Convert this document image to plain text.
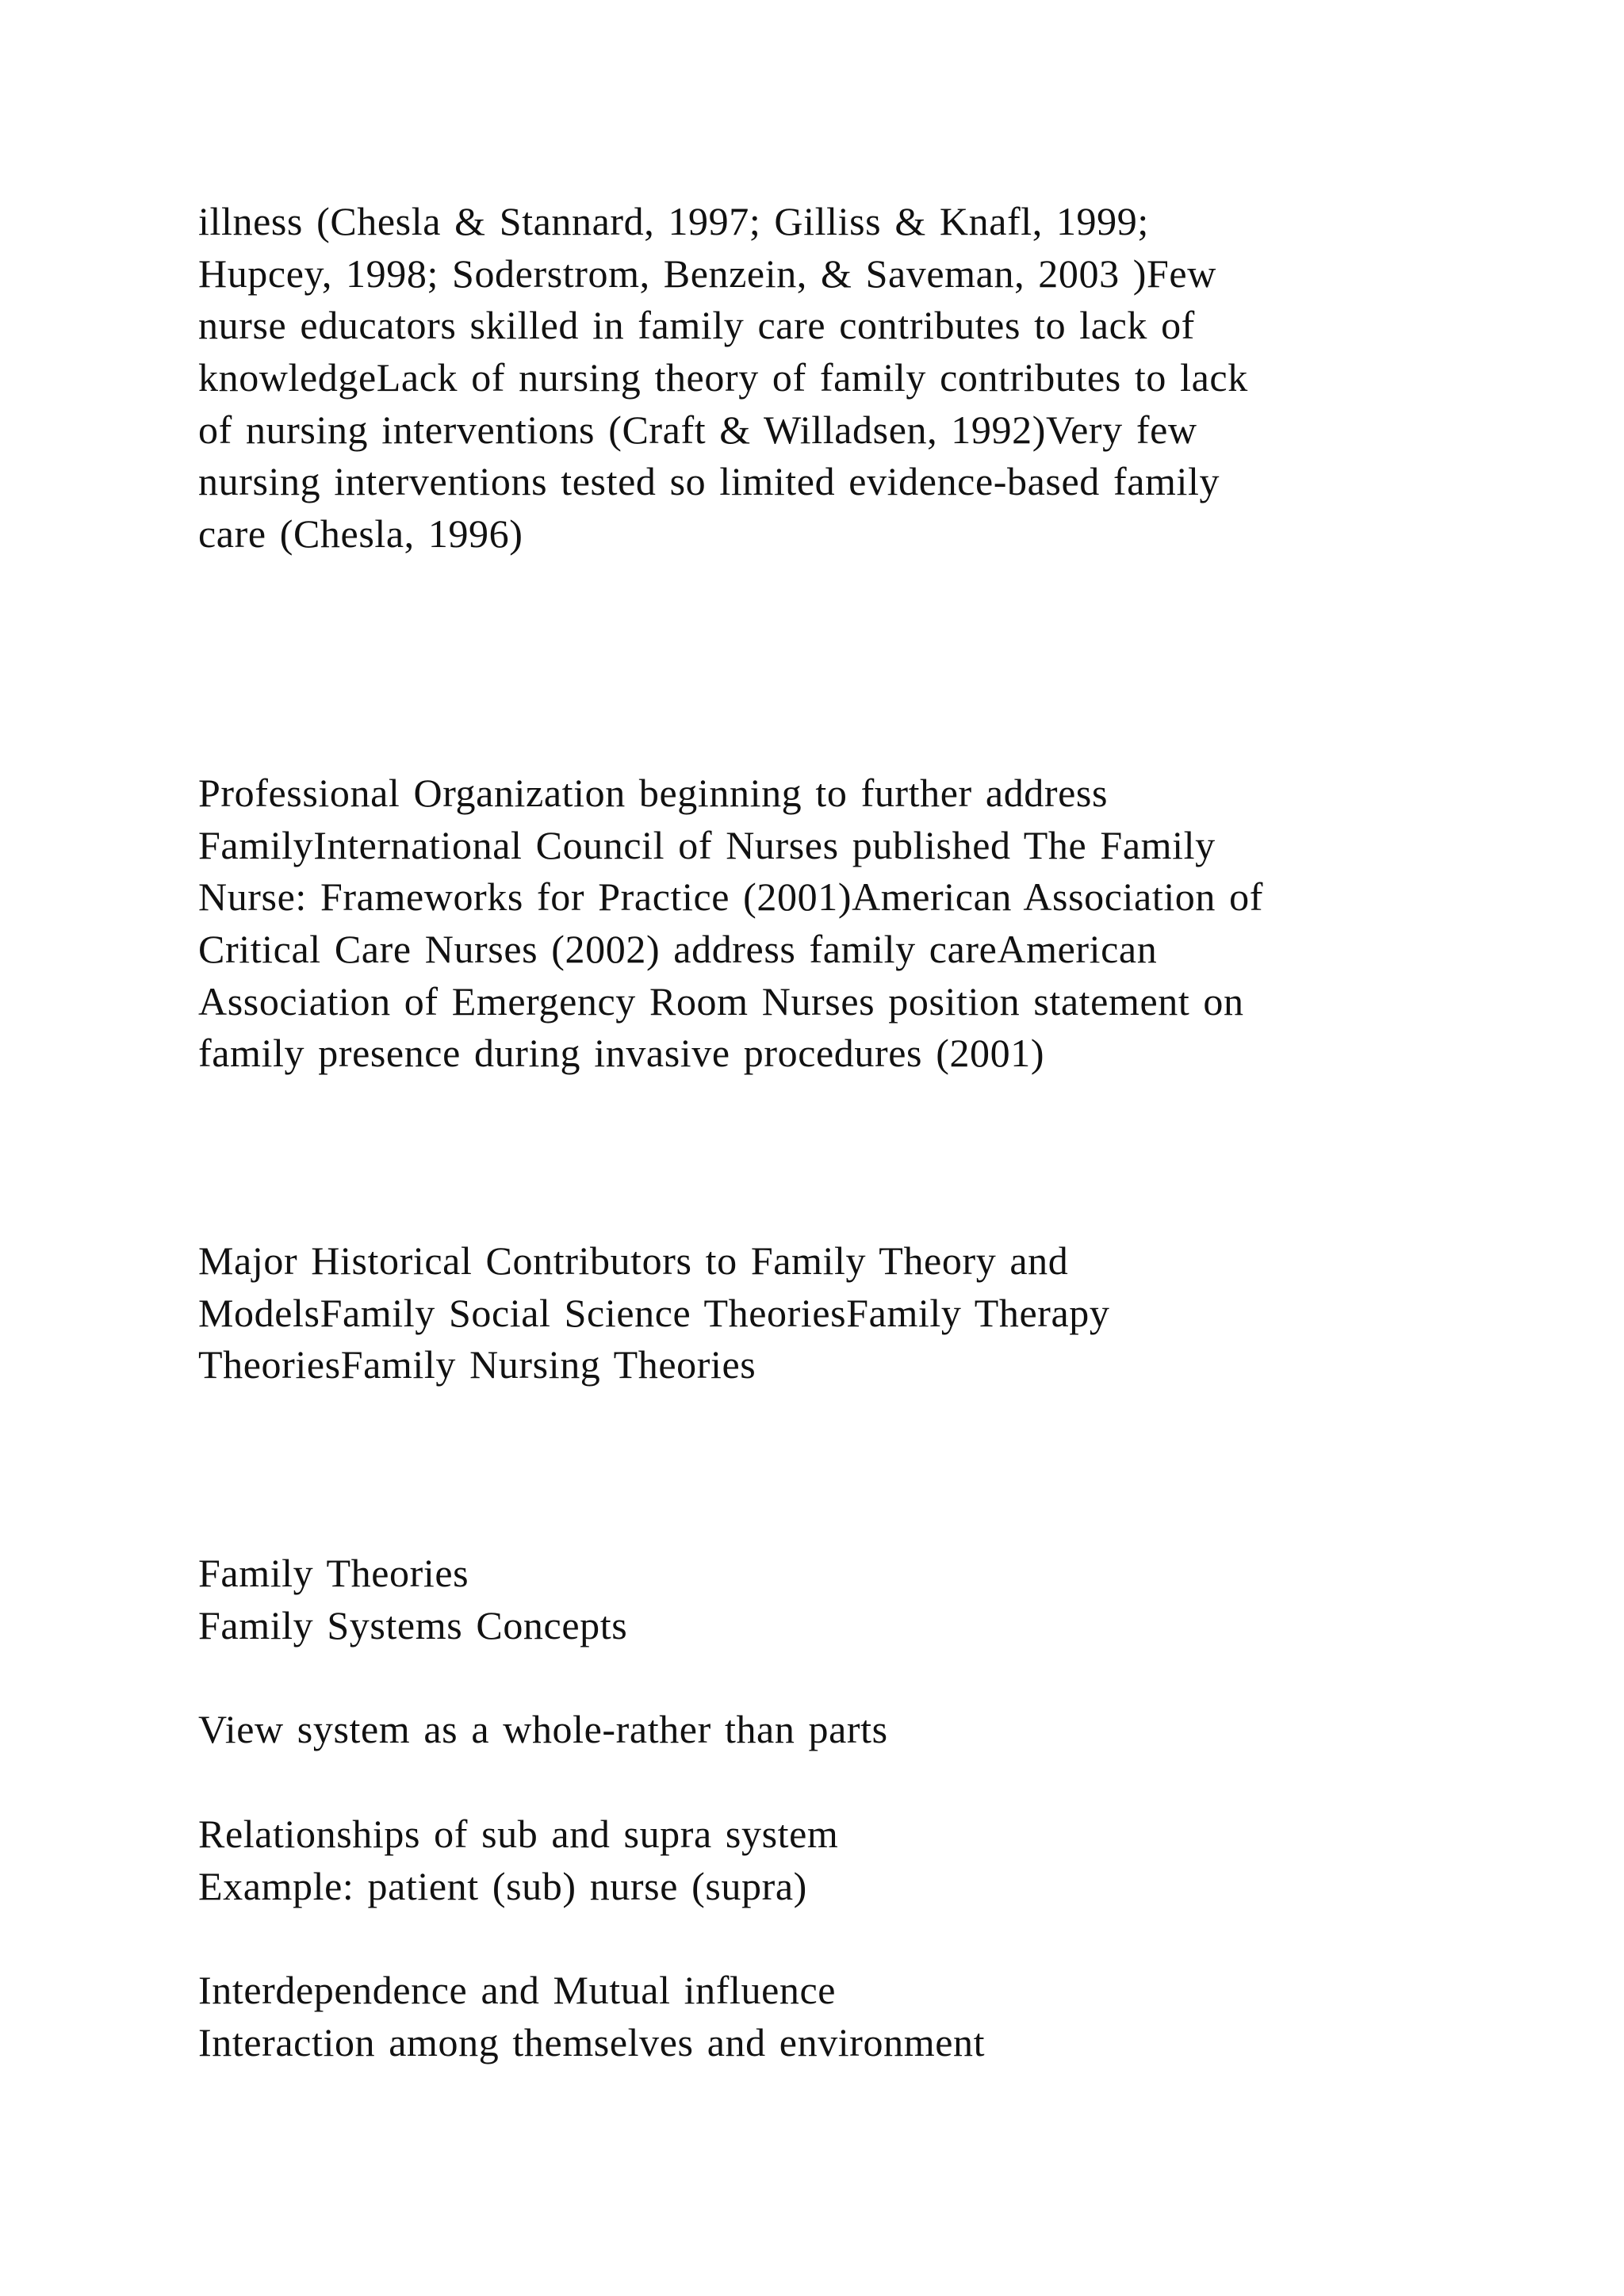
illness (Chesla & Stannard, 1997; Gilliss & Knafl, 1999;
Hupcey, 1998; Soderstrom, Benzein, & Saveman, 2003 )Few
nurse educators skilled in family care contributes to lack of
knowledgeLack of nursing theory of family contributes to lack
of nursing interventions (Craft & Willadsen, 1992)Very few
nursing interventions tested so limited evidence-based family
care (Chesla, 1996)

Professional Organization beginning to further address
FamilyInternational Council of Nurses published The Family
Nurse: Frameworks for Practice (2001)American Association of
Critical Care Nurses (2002) address family careAmerican
Association of Emergency Room Nurses position statement on
family presence during invasive procedures (2001)

Major Historical Contributors to Family Theory and
ModelsFamily Social Science TheoriesFamily Therapy
TheoriesFamily Nursing Theories

Family Theories
Family Systems Concepts

View system as a whole-rather than parts

Relationships of sub and supra system
Example: patient (sub) nurse (supra)

Interdependence and Mutual influence
Interaction among themselves and environment
